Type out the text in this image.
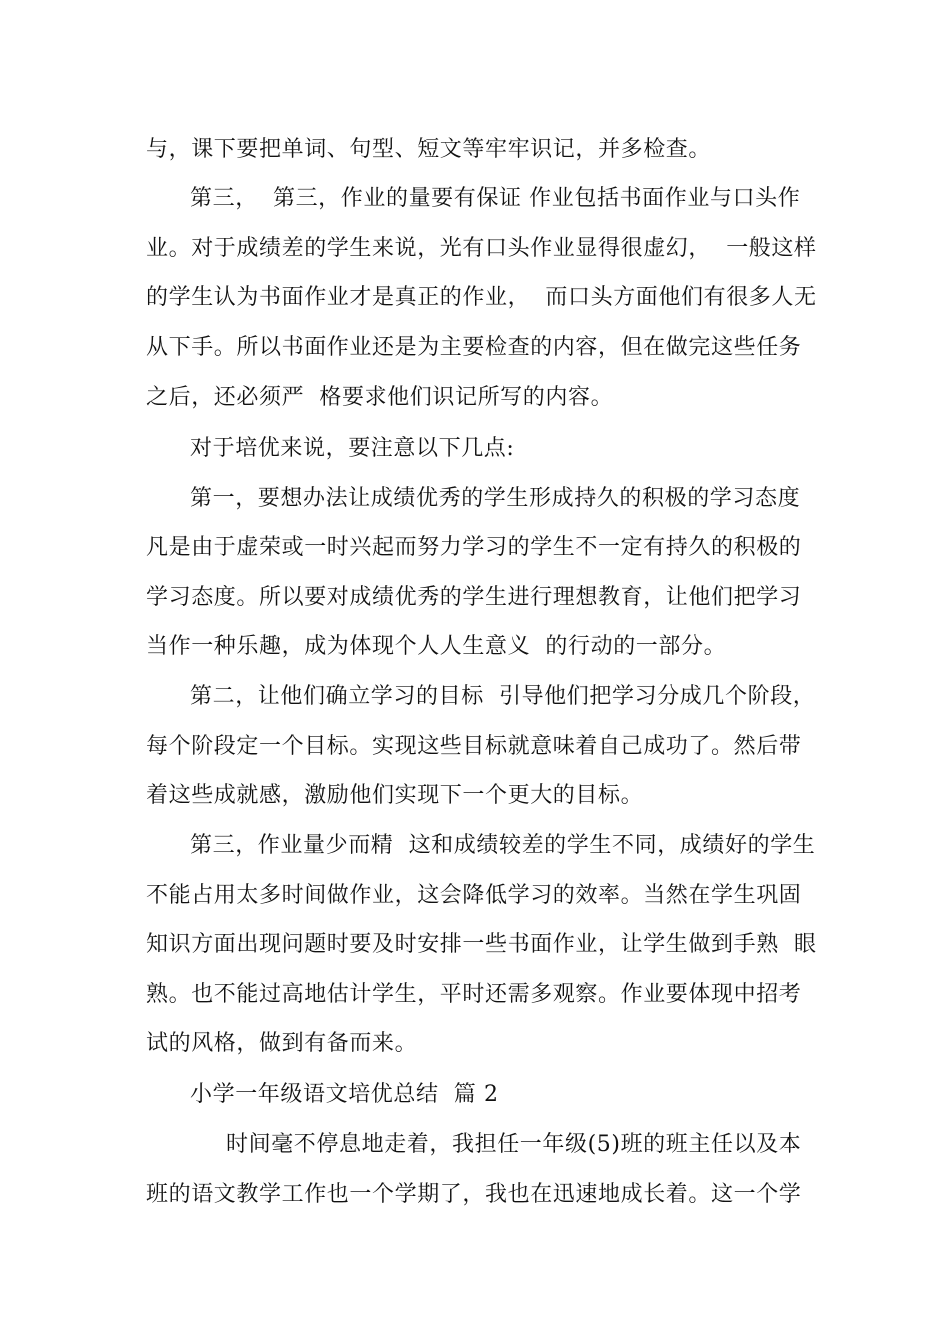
与，课下要把单词、句型、短文等牢牢识记，并多检查。
第三，  第三，作业的量要有保证 作业包括书面作业与口头作
业。对于成绩差的学生来说，光有口头作业显得很虚幻，  一般这样
的学生认为书面作业才是真正的作业，  而口头方面他们有很多人无
从下手。所以书面作业还是为主要检查的内容，但在做完这些任务
之后，还必须严  格要求他们识记所写的内容。
对于培优来说，要注意以下几点:
第一，要想办法让成绩优秀的学生形成持久的积极的学习态度
凡是由于虚荣或一时兴起而努力学习的学生不一定有持久的积极的
学习态度。所以要对成绩优秀的学生进行理想教育，让他们把学习
当作一种乐趣，成为体现个人人生意义  的行动的一部分。
第二，让他们确立学习的目标  引导他们把学习分成几个阶段，
每个阶段定一个目标。实现这些目标就意味着自己成功了。然后带
着这些成就感，激励他们实现下一个更大的目标。
第三，作业量少而精  这和成绩较差的学生不同，成绩好的学生
不能占用太多时间做作业，这会降低学习的效率。当然在学生巩固
知识方面出现问题时要及时安排一些书面作业，让学生做到手熟  眼
熟。也不能过高地估计学生，平时还需多观察。作业要体现中招考
试的风格，做到有备而来。
小学一年级语文培优总结  篇 2
时间毫不停息地走着，我担任一年级(5)班的班主任以及本
班的语文教学工作也一个学期了，我也在迅速地成长着。这一个学
